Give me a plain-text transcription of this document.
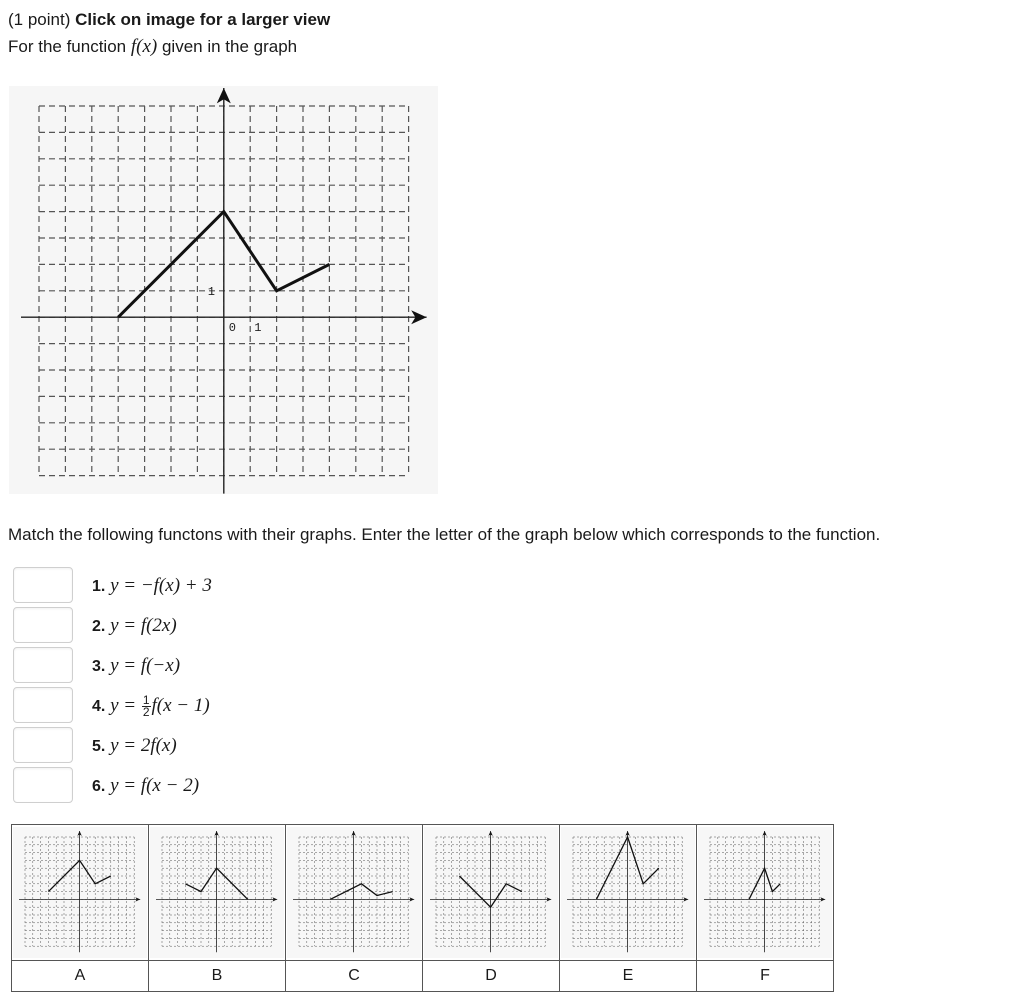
(1 point) Click on image for a larger view
For the function f(x) given in the graph
0 1
1
Match the following functons with their graphs. Enter the letter of the graph below which corresponds to the function.
1. y = −f(x) + 3
2. y = f(2x)
3. y = f(−x)
4. $y = \frac{1}{2} f(x - 1)$
5. y = 2f(x)
6. y = f(x − 2)

A	B	C	D	E	F
